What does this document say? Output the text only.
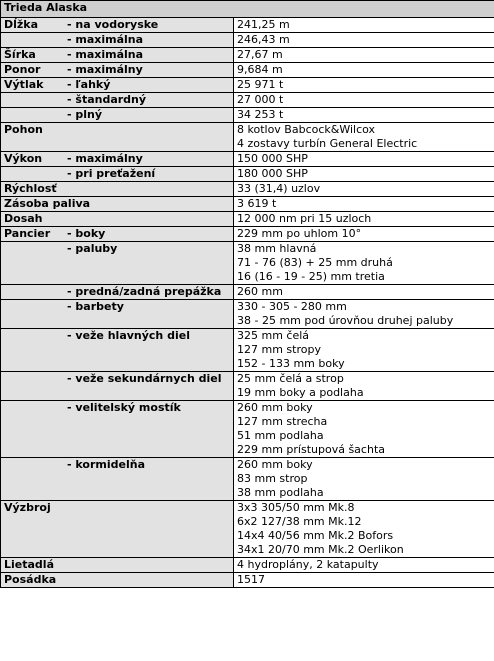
Trieda Alaska	

Dĺžka - na vodoryske	241,25 m

- maximálna	246,43 m

Šírka - maximálna	27,67 m

Ponor - maximálny	9,684 m

Výtlak - ľahký	25 971 t

- štandardný	27 000 t

- plný	34 253 t

Pohon	8 kotlov Babcock&Wilcox
4 zostavy turbín General Electric

Výkon - maximálny	150 000 SHP

- pri preťažení	180 000 SHP

Rýchlosť	33 (31,4) uzlov

Zásoba paliva	3 619 t

Dosah	12 000 nm pri 15 uzloch

Pancier - boky	229 mm po uhlom 10°

- paluby	38 mm hlavná
71 - 76 (83) + 25 mm druhá
16 (16 - 19 - 25) mm tretia

- predná/zadná prepážka	260 mm

- barbety	330 - 305 - 280 mm
38 - 25 mm pod úrovňou druhej paluby

- veže hlavných diel	325 mm čelá
127 mm stropy
152 - 133 mm boky

- veže sekundárnych diel	25 mm čelá a strop
19 mm boky a podlaha

- velitelský mostík	260 mm boky
127 mm strecha
51 mm podlaha
229 mm prístupová šachta

- kormidelňa	260 mm boky
83 mm strop
38 mm podlaha

Výzbroj	3x3 305/50 mm Mk.8
6x2 127/38 mm Mk.12
14x4 40/56 mm Mk.2 Bofors
34x1 20/70 mm Mk.2 Oerlikon

Lietadlá	4 hydroplány, 2 katapulty

Posádka	1517
